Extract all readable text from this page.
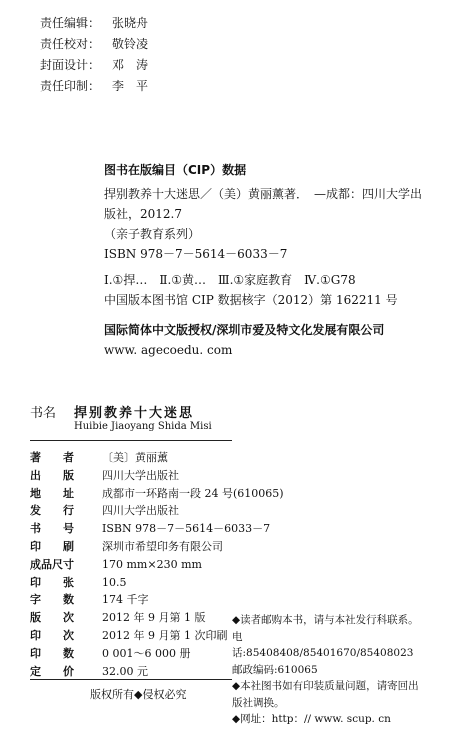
责任编辑： 张晓舟
责任校对： 敬铃凌
封面设计： 邓　涛
责任印制： 李　平
图书在版编目（CIP）数据

捍别教养十大迷思／（美）黄丽薰著．　—成都：四川大学出版社，2012.7

（亲子教育系列）

ISBN 978－7－5614－6033－7

Ⅰ.①捍…　Ⅱ.①黄…　Ⅲ.①家庭教育　Ⅳ.①G78

中国版本图书馆 CIP 数据核字（2012）第 162211 号

国际简体中文版授权/深圳市爱及特文化发展有限公司

www. agecoedu. com

书名 捍别教养十大迷思
Huibie Jiaoyang Shida Misi
著　　者	〔美〕黄丽薰
出　　版	四川大学出版社
地　　址	成都市一环路南一段 24 号(610065)
发　　行	四川大学出版社
书　　号	ISBN 978－7－5614－6033－7
印　　刷	深圳市希望印务有限公司
成品尺寸	170 mm×230 mm
印　　张	10.5
字　　数	174 千字
版　　次	2012 年 9 月第 1 版
印　　次	2012 年 9 月第 1 次印刷
印　　数	0 001～6 000 册
定　　价	32.00 元

◆读者邮购本书，请与本社发行科联系。电 话:85408408/85401670/85408023　邮政编码:610065

◆本社图书如有印装质量问题，请寄回出版社调换。

◆网址：http：// www. scup. cn

版权所有◆侵权必究
